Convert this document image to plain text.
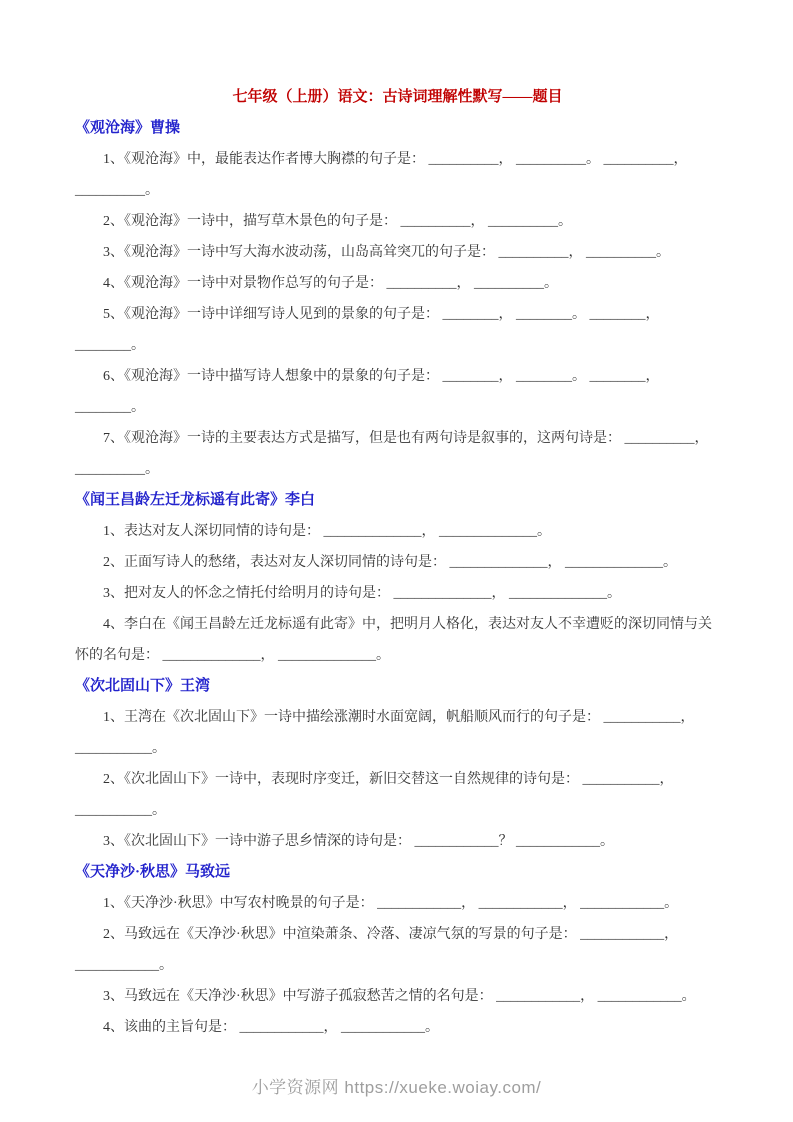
七年级（上册）语文：古诗词理解性默写——题目
《观沧海》曹操

1、《观沧海》中，最能表达作者博大胸襟的句子是： __________， __________。 __________， __________。

2、《观沧海》一诗中，描写草木景色的句子是： __________， __________。

3、《观沧海》一诗中写大海水波动荡，山岛高耸突兀的句子是： __________， __________。

4、《观沧海》一诗中对景物作总写的句子是： __________， __________。

5、《观沧海》一诗中详细写诗人见到的景象的句子是： ________， ________。 ________， ________。

6、《观沧海》一诗中描写诗人想象中的景象的句子是： ________， ________。 ________， ________。

7、《观沧海》一诗的主要表达方式是描写，但是也有两句诗是叙事的，这两句诗是： __________， __________。

《闻王昌龄左迁龙标遥有此寄》李白

1、表达对友人深切同情的诗句是： ______________， ______________。

2、正面写诗人的愁绪，表达对友人深切同情的诗句是： ______________， ______________。

3、把对友人的怀念之情托付给明月的诗句是： ______________， ______________。

4、李白在《闻王昌龄左迁龙标遥有此寄》中，把明月人格化，表达对友人不幸遭贬的深切同情与关怀的名句是： ______________， ______________。

《次北固山下》王湾

1、王湾在《次北固山下》一诗中描绘涨潮时水面宽阔，帆船顺风而行的句子是： ___________， ___________。

2、《次北固山下》一诗中，表现时序变迁，新旧交替这一自然规律的诗句是： ___________， ___________。

3、《次北固山下》一诗中游子思乡情深的诗句是： ____________？ ____________。

《天净沙·秋思》马致远

1、《天净沙·秋思》中写农村晚景的句子是： ____________， ____________， ____________。

2、马致远在《天净沙·秋思》中渲染萧条、冷落、凄凉气氛的写景的句子是： ____________， ____________。

3、马致远在《天净沙·秋思》中写游子孤寂愁苦之情的名句是： ____________， ____________。

4、该曲的主旨句是： ____________， ____________。

小学资源网 https://xueke.woiay.com/
